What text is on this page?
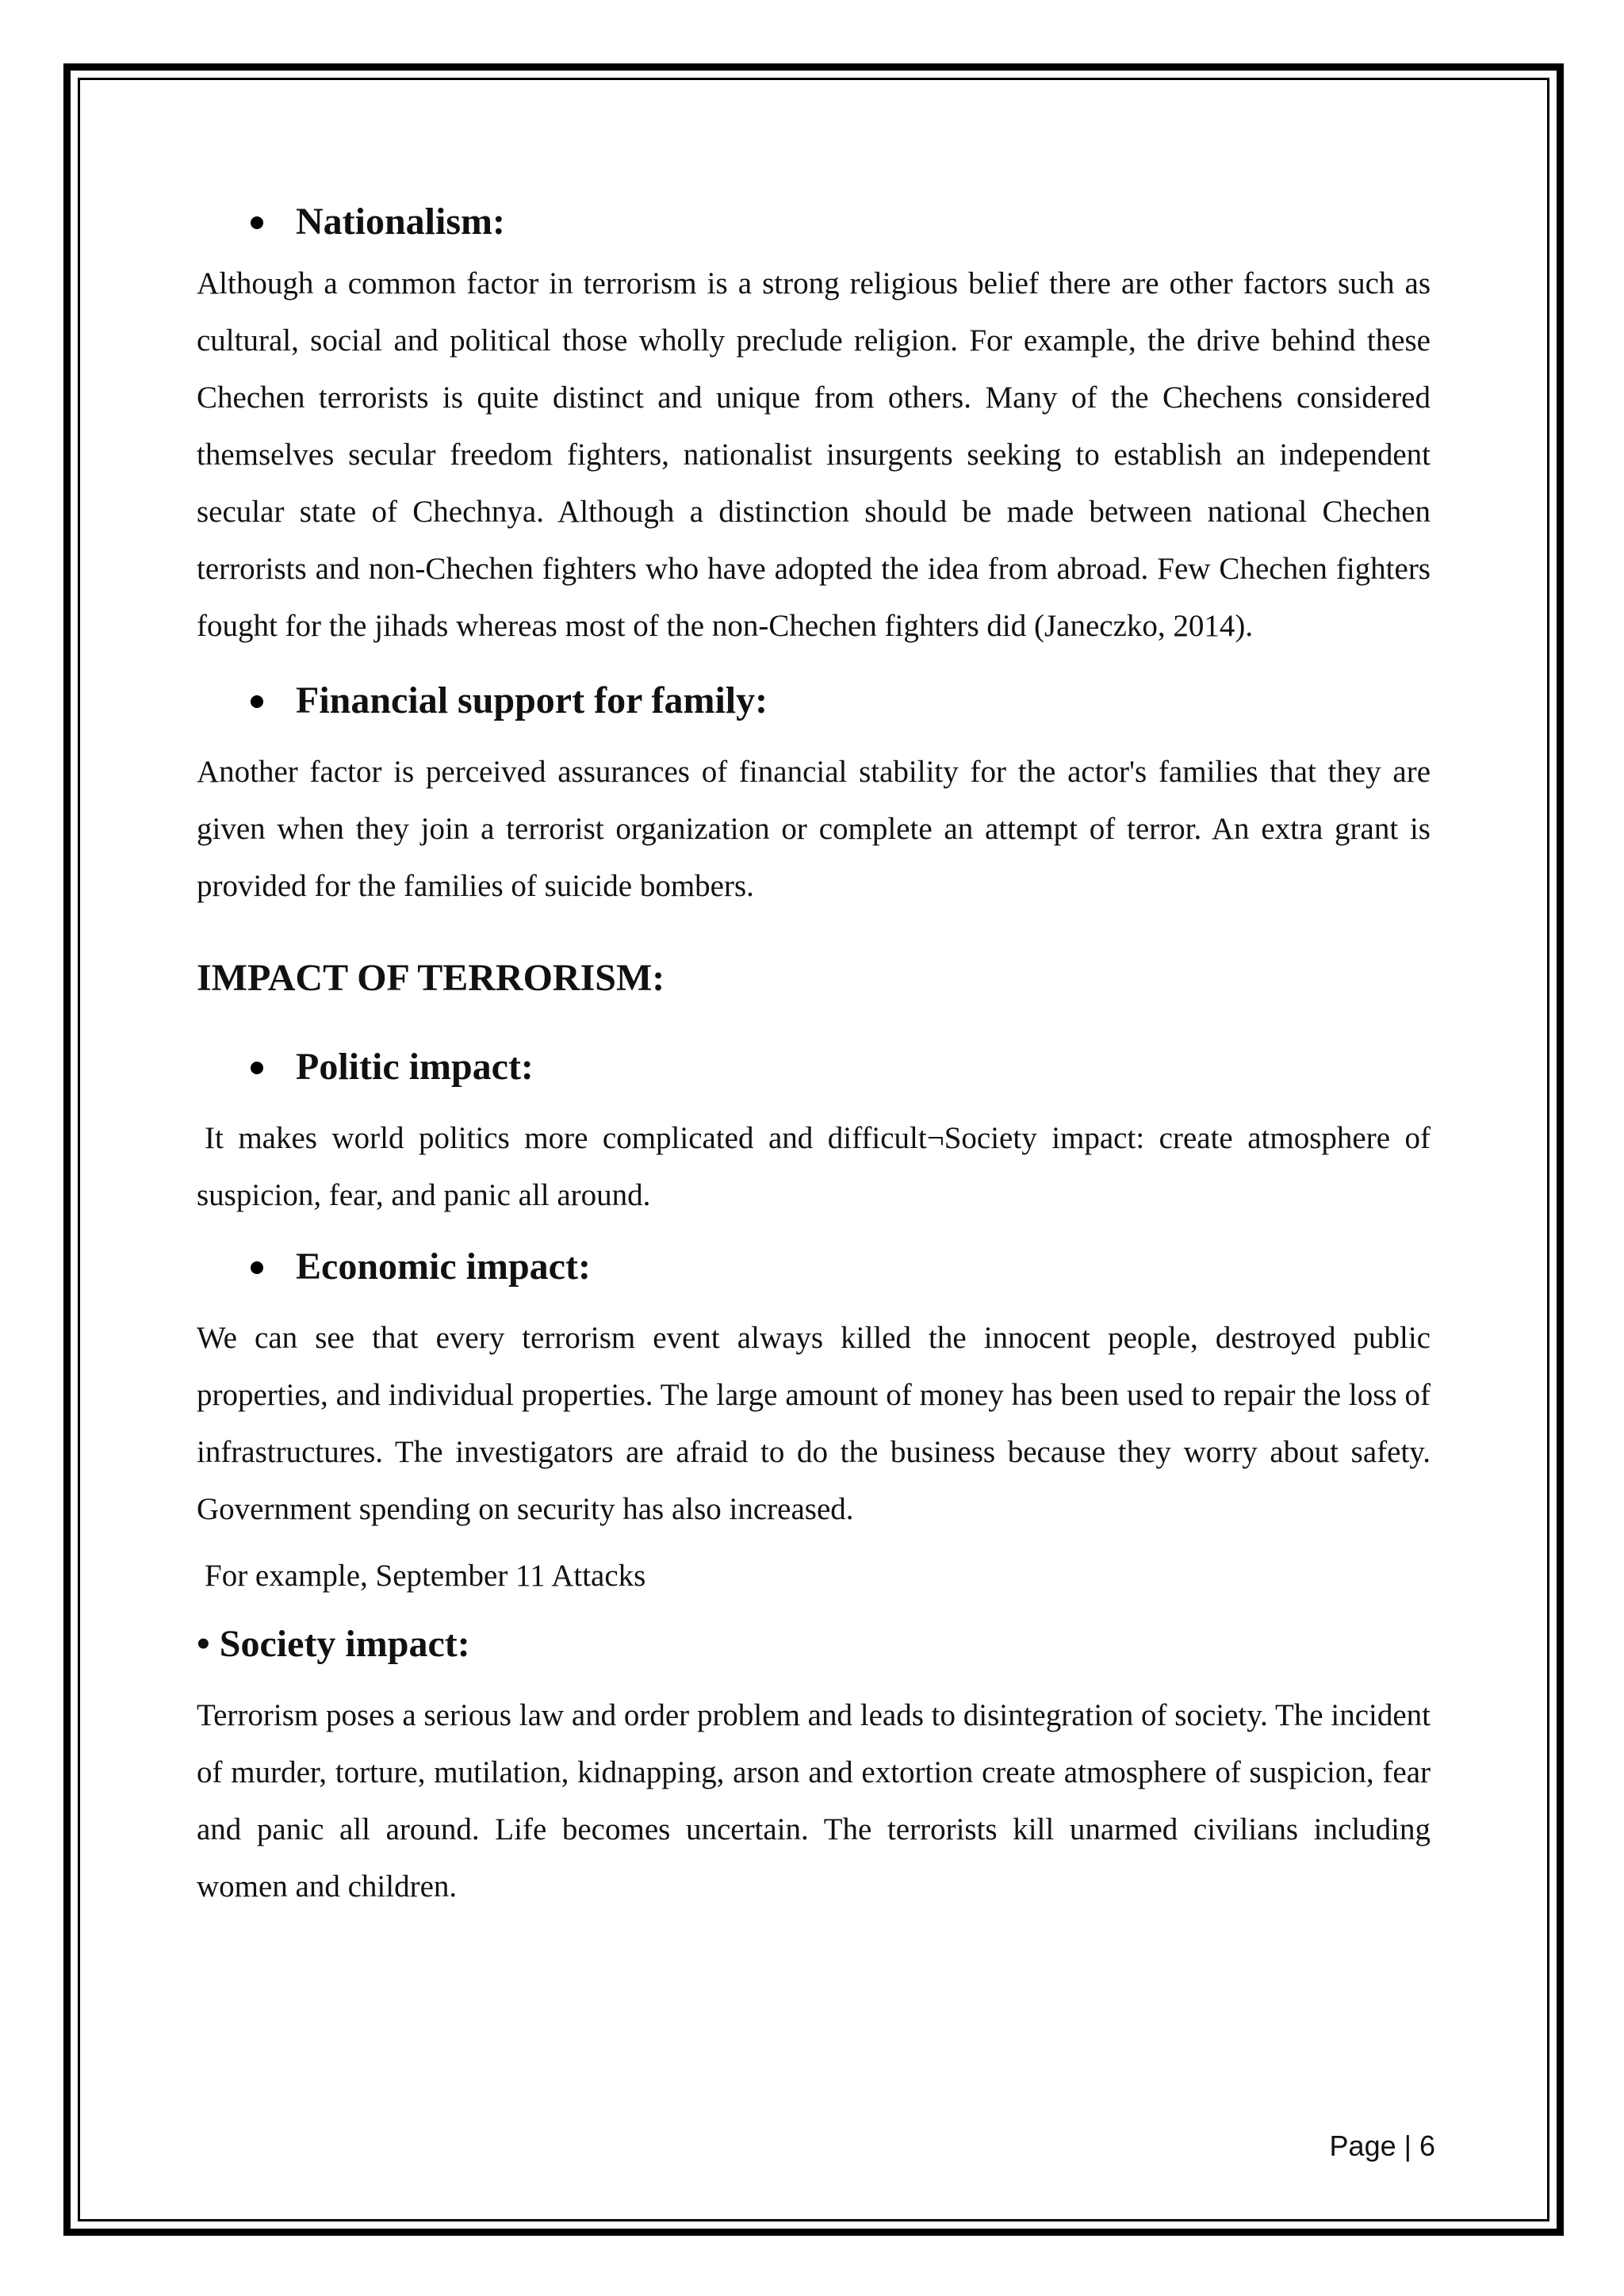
Nationalism:

Although a common factor in terrorism is a strong religious belief there are other factors such as cultural, social and political those wholly preclude religion. For example, the drive behind these Chechen terrorists is quite distinct and unique from others. Many of the Chechens considered themselves secular freedom fighters, nationalist insurgents seeking to establish an independent secular state of Chechnya. Although a distinction should be made between national Chechen terrorists and non-Chechen fighters who have adopted the idea from abroad. Few Chechen fighters fought for the jihads whereas most of the non-Chechen fighters did (Janeczko, 2014).

Financial support for family:

Another factor is perceived assurances of financial stability for the actor's families that they are given when they join a terrorist organization or complete an attempt of terror. An extra grant is provided for the families of suicide bombers.

IMPACT OF TERRORISM:
Politic impact:

It makes world politics more complicated and difficult¬Society impact: create atmosphere of suspicion, fear, and panic all around.

Economic impact:

We can see that every terrorism event always killed the innocent people, destroyed public properties, and individual properties. The large amount of money has been used to repair the loss of infrastructures. The investigators are afraid to do the business because they worry about safety. Government spending on security has also increased.

For example, September 11 Attacks

• Society impact:

Terrorism poses a serious law and order problem and leads to disintegration of society. The incident of murder, torture, mutilation, kidnapping, arson and extortion create atmosphere of suspicion, fear and panic all around. Life becomes uncertain. The terrorists kill unarmed civilians including women and children.

Page | 6
